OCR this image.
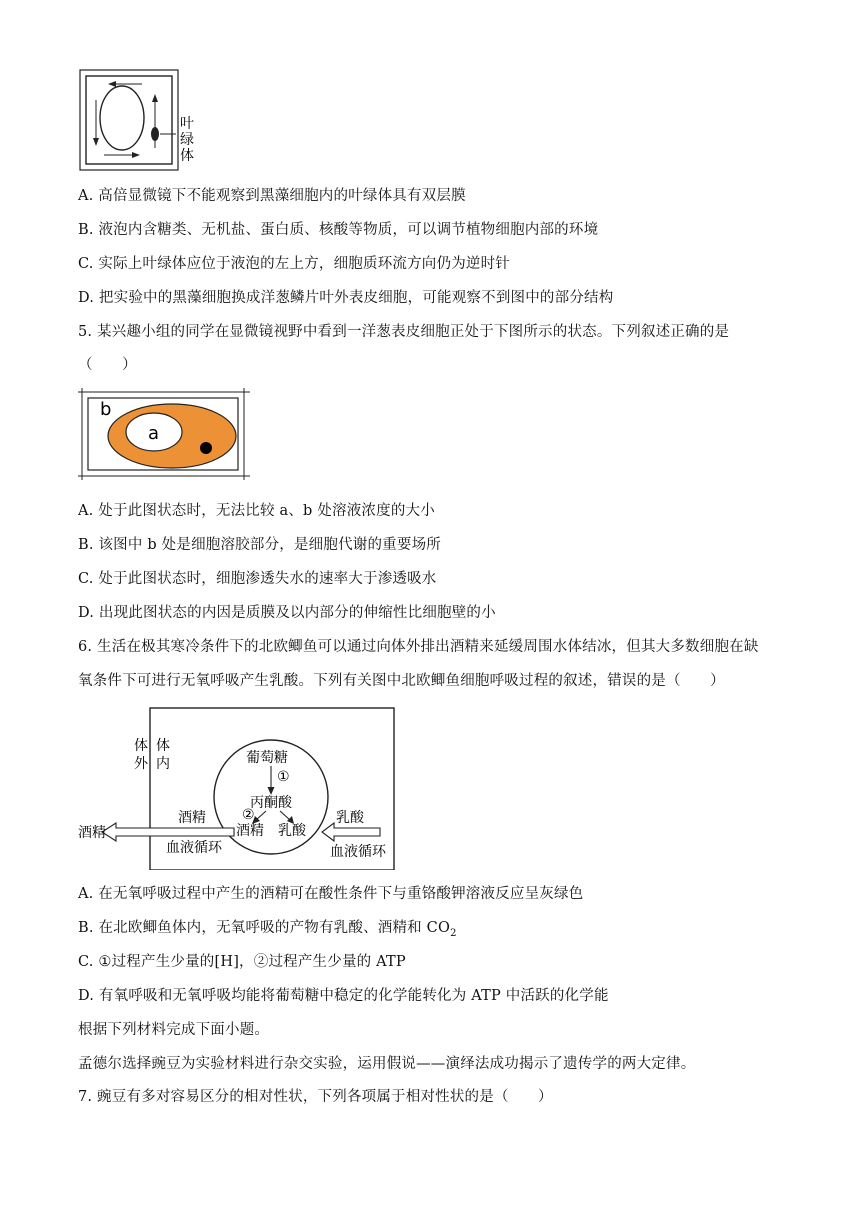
叶
绿
体
A. 高倍显微镜下不能观察到黑藻细胞内的叶绿体具有双层膜
B. 液泡内含糖类、无机盐、蛋白质、核酸等物质，可以调节植物细胞内部的环境
C. 实际上叶绿体应位于液泡的左上方，细胞质环流方向仍为逆时针
D. 把实验中的黑藻细胞换成洋葱鳞片叶外表皮细胞，可能观察不到图中的部分结构
5. 某兴趣小组的同学在显微镜视野中看到一洋葱表皮细胞正处于下图所示的状态。下列叙述正确的是
（　　）
a
b
A. 处于此图状态时，无法比较 a、b 处溶液浓度的大小
B. 该图中 b 处是细胞溶胶部分，是细胞代谢的重要场所
C. 处于此图状态时，细胞渗透失水的速率大于渗透吸水
D. 出现此图状态的内因是质膜及以内部分的伸缩性比细胞壁的小
6. 生活在极其寒冷条件下的北欧鲫鱼可以通过向体外排出酒精来延缓周围水体结冰，但其大多数细胞在缺
氧条件下可进行无氧呼吸产生乳酸。下列有关图中北欧鲫鱼细胞呼吸过程的叙述，错误的是（　　）
体
外
体
内	葡萄糖
①
丙酮酸
②
酒精 乳酸
酒精	乳酸
酒精
血液循环	血液循环
A. 在无氧呼吸过程中产生的酒精可在酸性条件下与重铬酸钾溶液反应呈灰绿色
B. 在北欧鲫鱼体内，无氧呼吸的产物有乳酸、酒精和 $CO_2$
C. ①过程产生少量的[H]，②过程产生少量的 ATP
D. 有氧呼吸和无氧呼吸均能将葡萄糖中稳定的化学能转化为 ATP 中活跃的化学能
根据下列材料完成下面小题。
孟德尔选择豌豆为实验材料进行杂交实验，运用假说——演绎法成功揭示了遗传学的两大定律。
7. 豌豆有多对容易区分的相对性状，下列各项属于相对性状的是（　　）
